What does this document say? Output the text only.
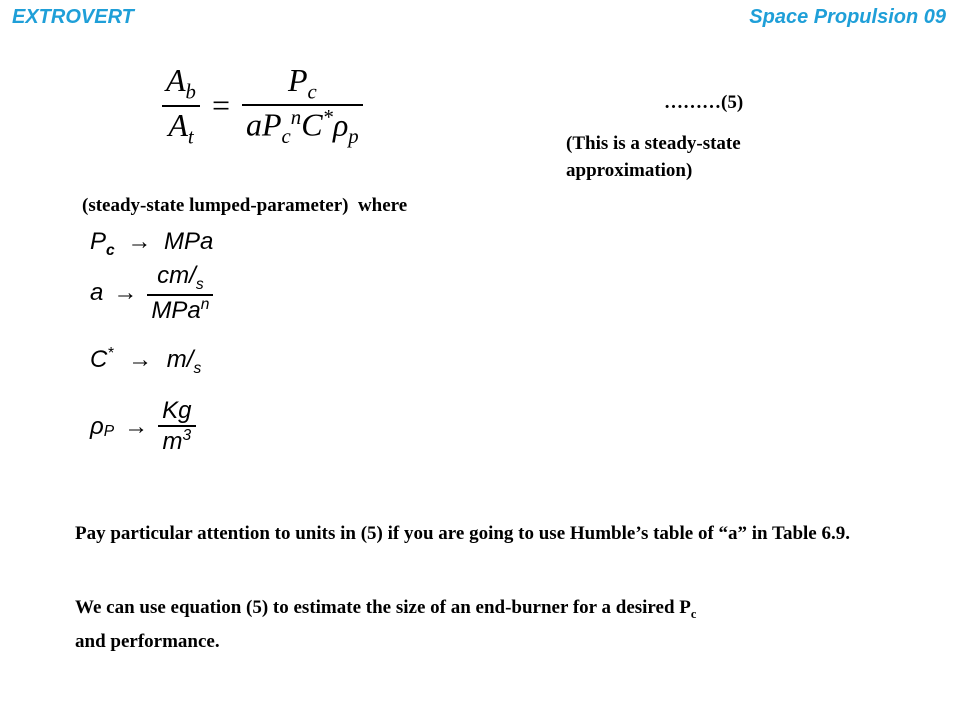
EXTROVERT	Space Propulsion 09
$\frac{A_b}{A_t} = \frac{P_c}{aP_c^nC^*\rho_p}$	………(5)
(This is a steady-state approximation)
(steady-state lumped-parameter)  where
$P_c$ → MPa
$a \to \frac{cm/_s}{MPa^n}$
$C^* \to m/_s$
$\rho_P \to \frac{Kg}{m^3}$
Pay particular attention to units in (5) if you are going to use Humble’s table of “a” in Table 6.9.
We can use equation (5) to estimate the size of an end-burner for a desired $P_c$
and performance.
